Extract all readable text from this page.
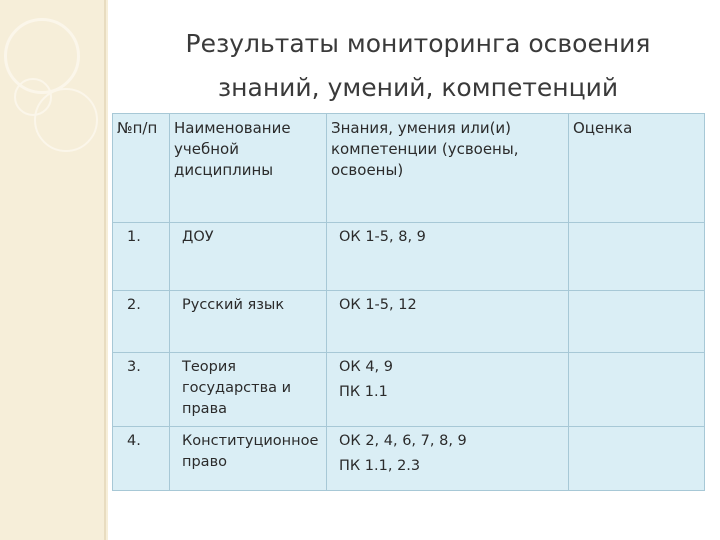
Результаты мониторинга освоения
знаний, умений, компетенций
№п/п	Наименование учебной дисциплины	Знания, умения или(и) компетенции (усвоены, освоены)	Оценка
1.	ДОУ	ОК 1-5, 8, 9	

2.	Русский язык	ОК 1-5, 12	

3.	Теория государства и права	ОК 4, 9
ПК 1.1	

4.	Конституционное право	ОК 2, 4, 6, 7, 8, 9
ПК 1.1, 2.3	
